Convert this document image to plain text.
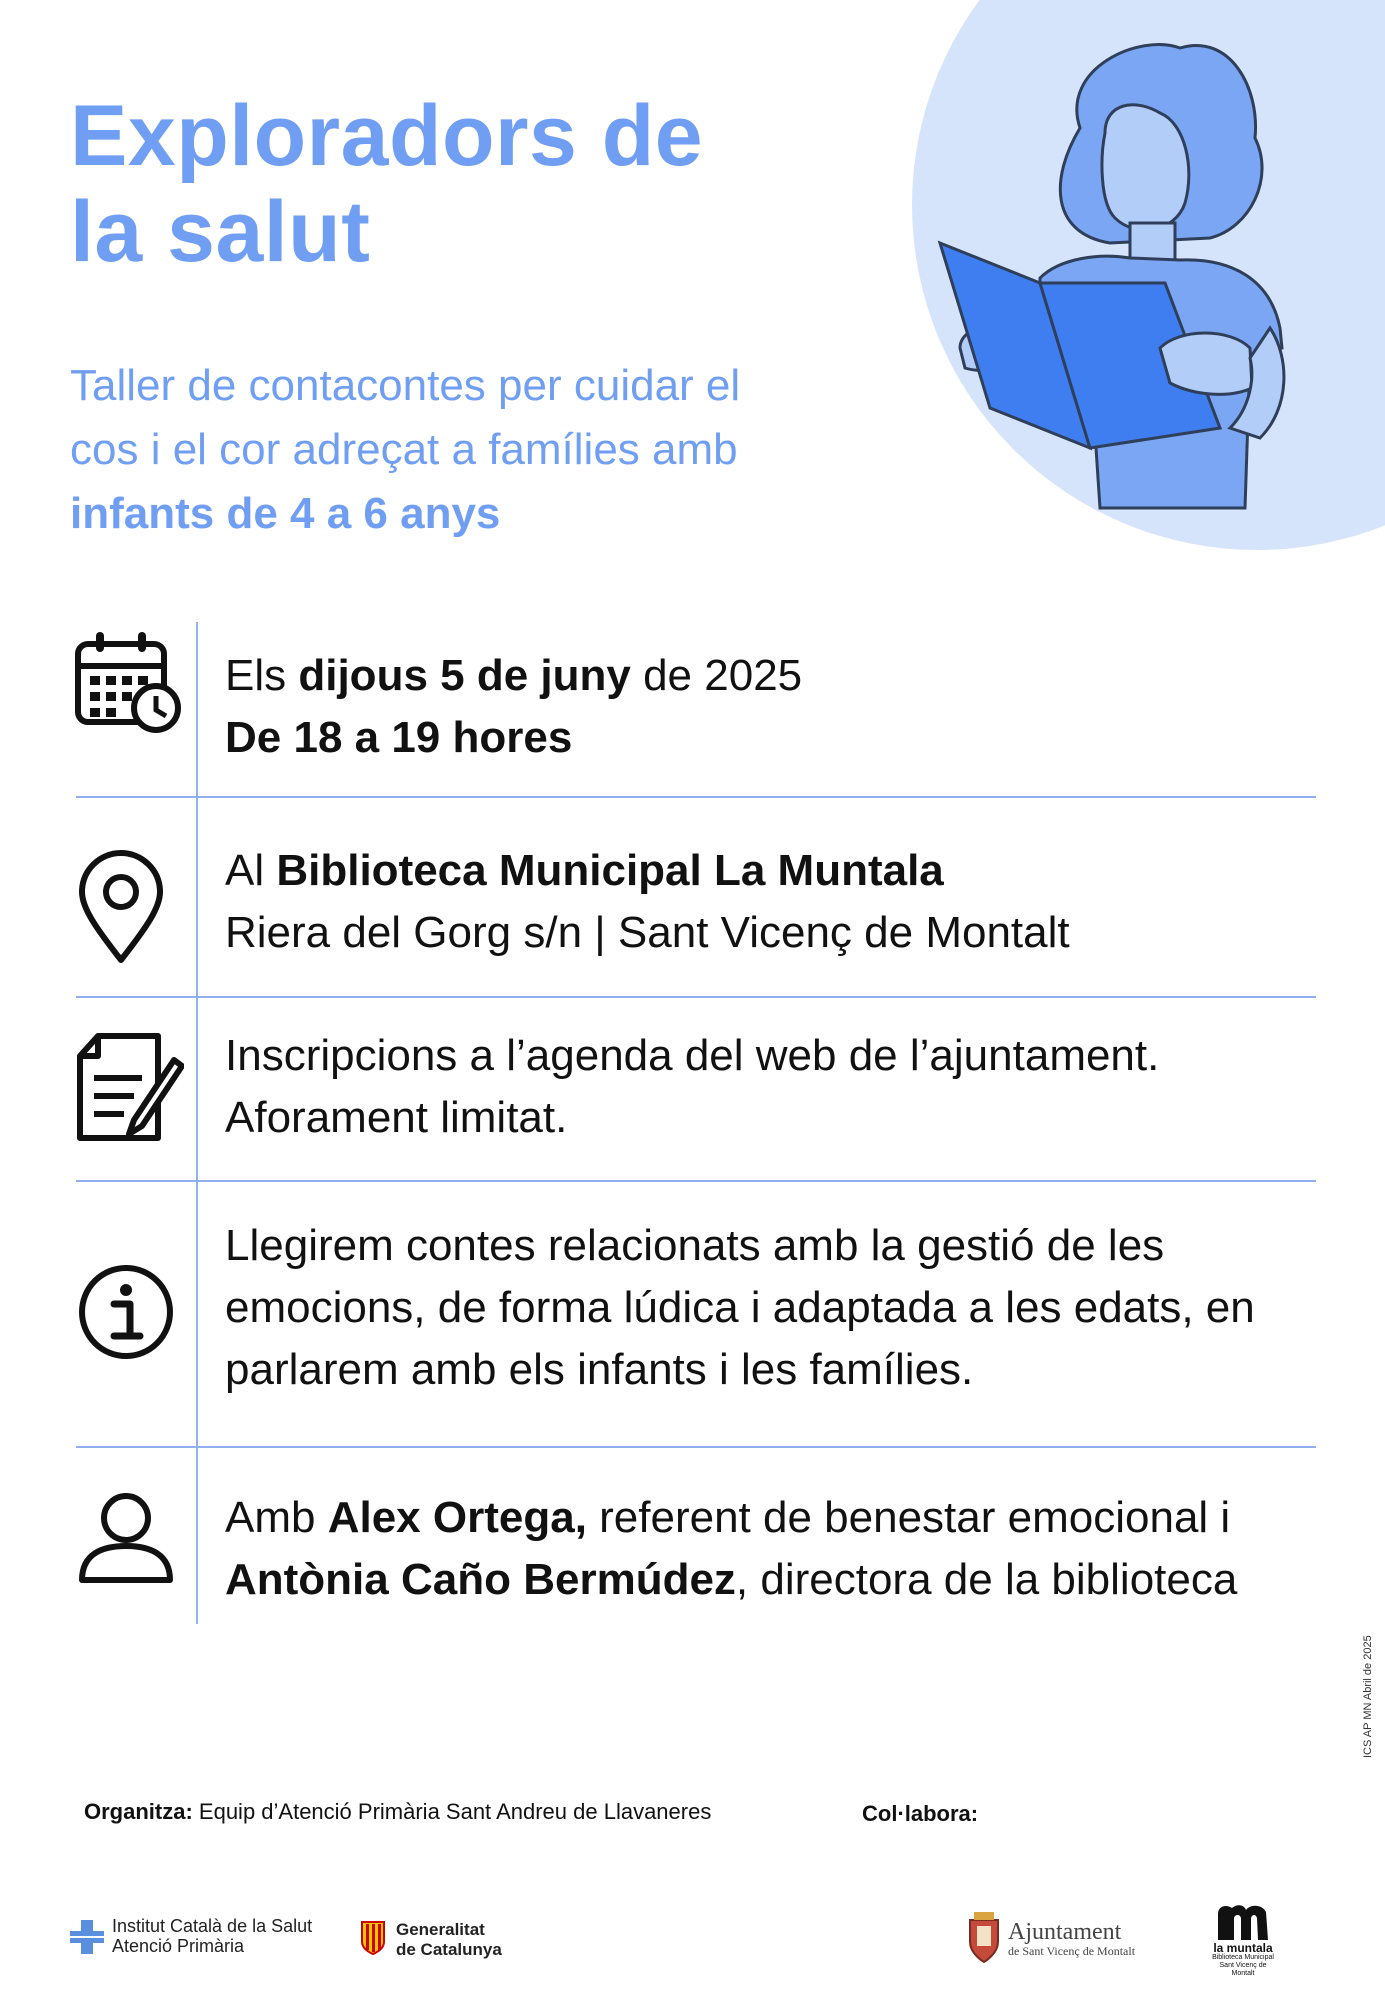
Exploradors de
la salut
Taller de contacontes per cuidar el
cos i el cor adreçat a famílies amb
infants de 4 a 6 anys
Els dijous 5 de juny de 2025
De 18 a 19 hores
Al Biblioteca Municipal La Muntala
Riera del Gorg s/n | Sant Vicenç de Montalt
Inscripcions a l’agenda del web de l’ajuntament.
Aforament limitat.
Llegirem contes relacionats amb la gestió de les
emocions, de forma lúdica i adaptada a les edats, en
parlarem amb els infants i les famílies.
Amb Alex Ortega, referent de benestar emocional i
Antònia Caño Bermúdez, directora de la biblioteca
ICS AP MN Abril de 2025
Organitza: Equip d’Atenció Primària Sant Andreu de Llavaneres	Col·labora:
Institut Català de la Salut
Atenció Primària
Generalitat
de Catalunya
Ajuntament
de Sant Vicenç de Montalt	la muntala
Biblioteca Municipal
Sant Vicenç de Montalt
